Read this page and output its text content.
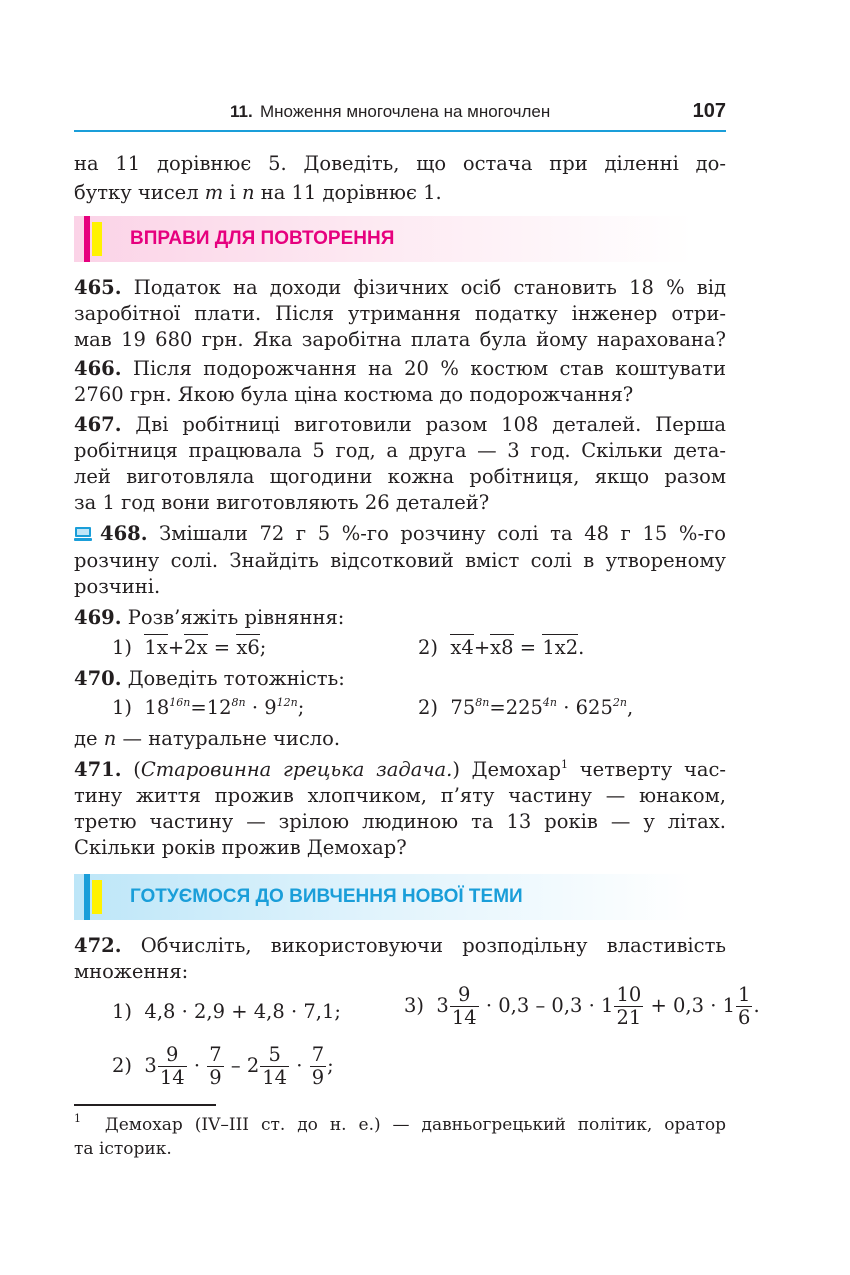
11. Множення многочлена на многочлен	107
на 11 дорівнює 5. Доведіть, що остача при діленні до-
бутку чисел m і n на 11 дорівнює 1.
ВПРАВИ ДЛЯ ПОВТОРЕННЯ
465. Податок на доходи фізичних осіб становить 18 % від
заробітної плати. Після утримання податку інженер отри-
мав 19 680 грн. Яка заробітна плата була йому нарахована?
466. Після подорожчання на 20 % костюм став коштувати
2760 грн. Якою була ціна костюма до подорожчання?
467. Дві робітниці виготовили разом 108 деталей. Перша
робітниця працювала 5 год, а друга — 3 год. Скільки дета-
лей виготовляла щогодини кожна робітниця, якщо разом
за 1 год вони виготовляють 26 деталей?
468. Змішали 72 г 5 %-го розчину солі та 48 г 15 %-го
розчину солі. Знайдіть відсотковий вміст солі в утвореному
розчині.
469. Розв’яжіть рівняння:
1) 1x+2x = x6;	2) x4+x8 = 1x2.
470. Доведіть тотожність:
1) $18^{16n}=12^{8n} \cdot 9^{12n}$;	2) $75^{8n}=225^{4n} \cdot 625^{2n}$,
де n — натуральне число.
471. (Старовинна грецька задача.) Демохар$^1$ четверту час-
тину життя прожив хлопчиком, п’яту частину — юнаком,
третю частину — зрілою людиною та 13 років — у літах.
Скільки років прожив Демохар?
ГОТУЄМОСЯ ДО ВИВЧЕННЯ НОВОЇ ТЕМИ
472. Обчисліть, використовуючи розподільну властивість
множення:
1) 4,8 · 2,9 + 4,8 · 7,1;	3) $3 \frac{9}{14} \cdot 0,3 - 0,3 \cdot 1 \frac{10}{21} + 0,3 \cdot 1 \frac{1}{6}$ .
2) $3 \frac{9}{14} \cdot \frac{7}{9} - 2 \frac{5}{14} \cdot \frac{7}{9}$ ;
$^1$ Демохар (IV–III ст. до н. е.) — давньогрецький політик, оратор
та історик.
